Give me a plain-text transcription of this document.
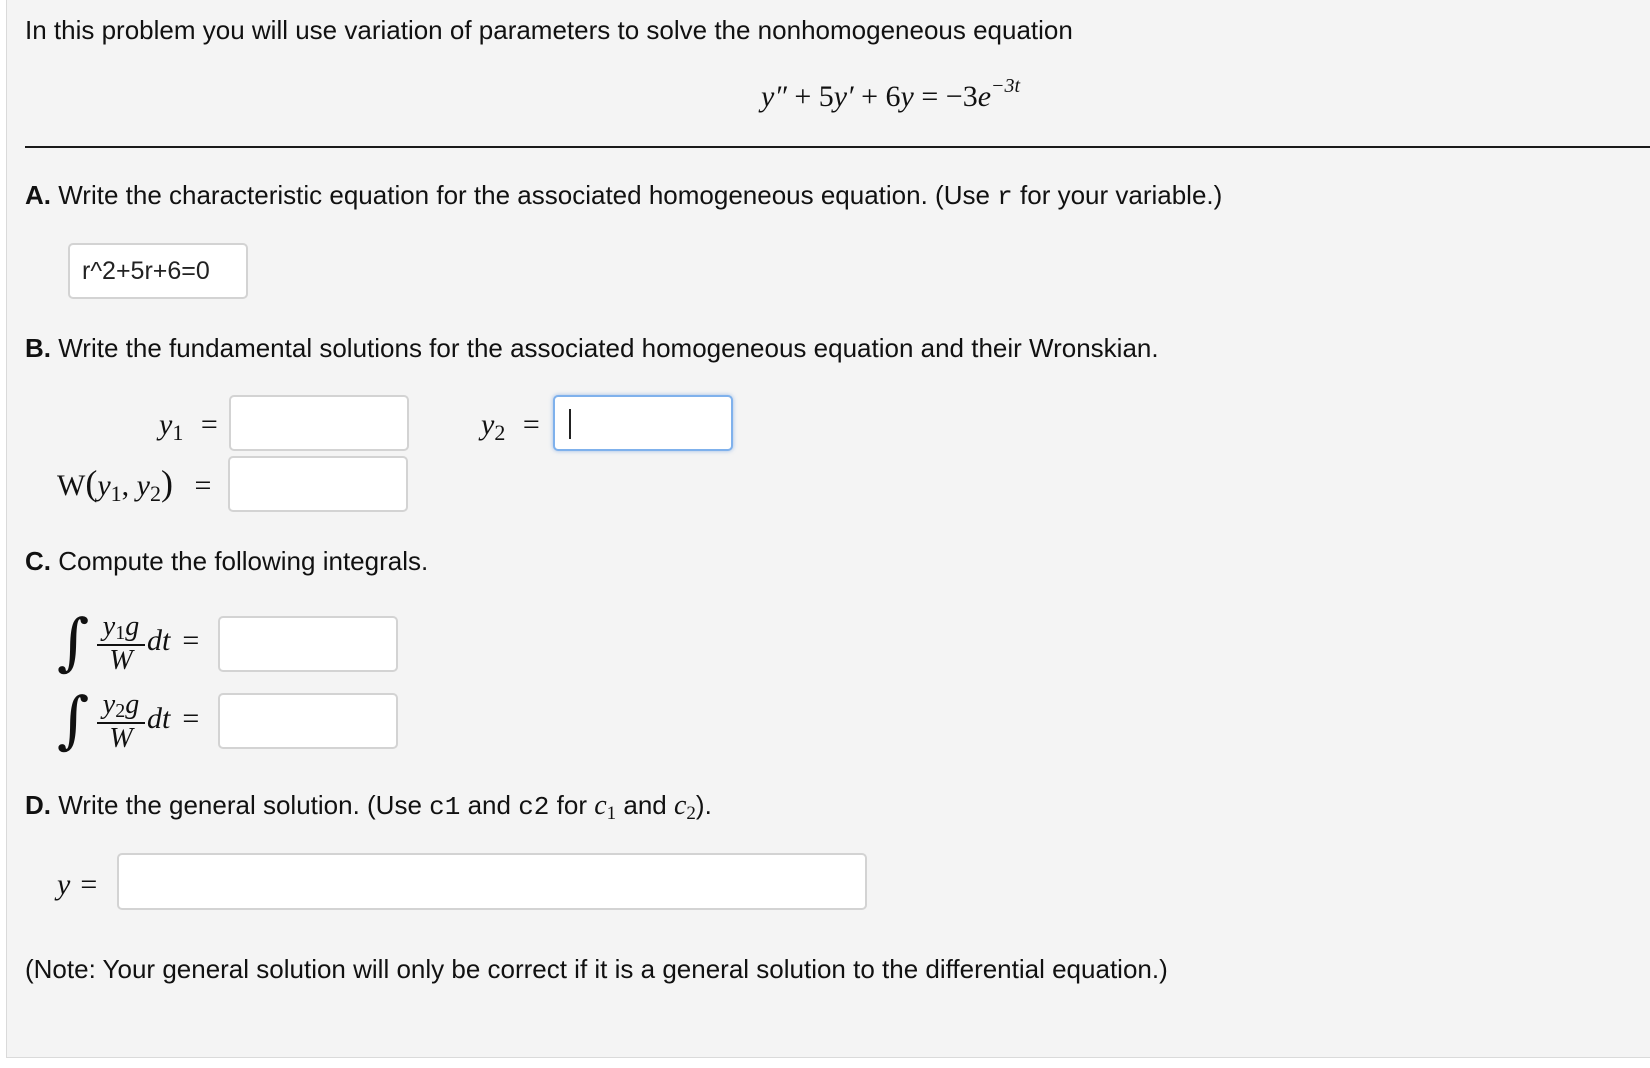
In this problem you will use variation of parameters to solve the nonhomogeneous equation
$y'' + 5y' + 6y = -3e^{-3t}$
A. Write the characteristic equation for the associated homogeneous equation. (Use r for your variable.)
r^2+5r+6=0
B. Write the fundamental solutions for the associated homogeneous equation and their Wronskian.
$y_1$ =	$y_2$ =
$W(y_1$, $y_2$) =
C. Compute the following integrals.
∫ y1g
W
dt =
∫ y2g
W
dt =
D. Write the general solution. (Use c1 and c2 for c1 and c2).
y =
(Note: Your general solution will only be correct if it is a general solution to the differential equation.)
